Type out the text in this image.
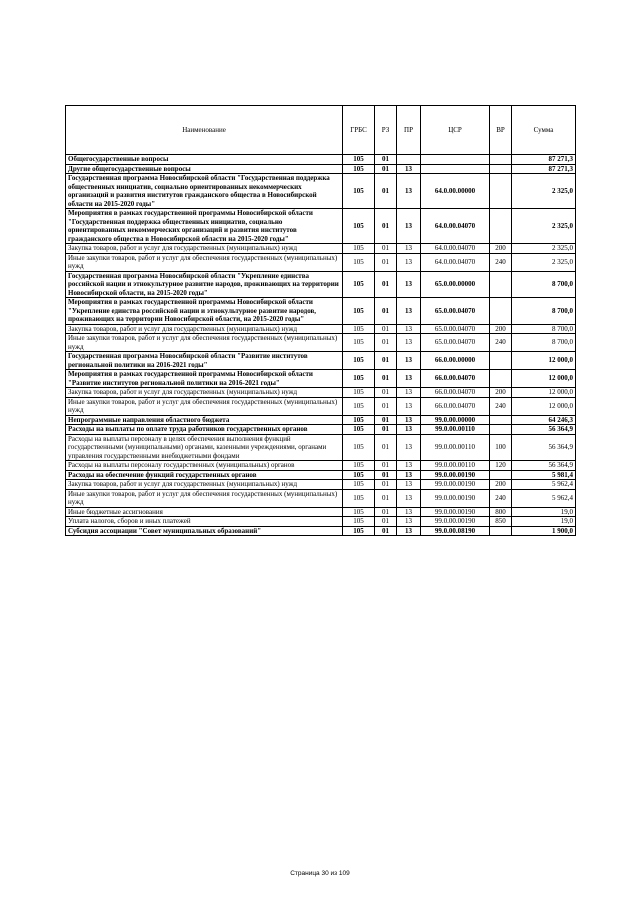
Наименование	ГРБС	РЗ	ПР	ЦСР	ВР	Сумма
Общегосударственные вопросы	105	01				87 271,3
Другие общегосударственные вопросы	105	01	13			87 271,3
Государственная программа Новосибирской области "Государственная поддержка общественных инициатив, социально ориентированных некоммерческих организаций и развития институтов гражданского общества в Новосибирской области на 2015-2020 годы"	105	01	13	64.0.00.00000		2 325,0
Мероприятия в рамках государственной программы Новосибирской области "Государственная поддержка общественных инициатив, социально ориентированных некоммерческих организаций и развития институтов гражданского общества в Новосибирской области на 2015-2020 годы"	105	01	13	64.0.00.04070		2 325,0
Закупка товаров, работ и услуг для государственных (муниципальных) нужд	105	01	13	64.0.00.04070	200	2 325,0
Иные закупки товаров, работ и услуг для обеспечения государственных (муниципальных) нужд	105	01	13	64.0.00.04070	240	2 325,0
Государственная программа Новосибирской области "Укрепление единства российской нации и этнокультурное развитие народов, проживающих на территории Новосибирской области, на 2015-2020 годы"	105	01	13	65.0.00.00000		8 700,0
Мероприятия в рамках государственной программы Новосибирской области "Укрепление единства российской нации и этнокультурное развитие народов, проживающих на территории Новосибирской области, на 2015-2020 годы"	105	01	13	65.0.00.04070		8 700,0
Закупка товаров, работ и услуг для государственных (муниципальных) нужд	105	01	13	65.0.00.04070	200	8 700,0
Иные закупки товаров, работ и услуг для обеспечения государственных (муниципальных) нужд	105	01	13	65.0.00.04070	240	8 700,0
Государственная программа Новосибирской области "Развитие институтов региональной политики на 2016-2021 годы"	105	01	13	66.0.00.00000		12 000,0
Мероприятия в рамках государственной программы Новосибирской области "Развитие институтов региональной политики на 2016-2021 годы"	105	01	13	66.0.00.04070		12 000,0
Закупка товаров, работ и услуг для государственных (муниципальных) нужд	105	01	13	66.0.00.04070	200	12 000,0
Иные закупки товаров, работ и услуг для обеспечения государственных (муниципальных) нужд	105	01	13	66.0.00.04070	240	12 000,0
Непрограммные направления областного бюджета	105	01	13	99.0.00.00000		64 246,3
Расходы на выплаты по оплате труда работников государственных органов	105	01	13	99.0.00.00110		56 364,9
Расходы на выплаты персоналу в целях обеспечения выполнения функций государственными (муниципальными) органами, казенными учреждениями, органами управления государственными внебюджетными фондами	105	01	13	99.0.00.00110	100	56 364,9
Расходы на выплаты персоналу государственных (муниципальных) органов	105	01	13	99.0.00.00110	120	56 364,9
Расходы на обеспечение функций государственных органов	105	01	13	99.0.00.00190		5 981,4
Закупка товаров, работ и услуг для государственных (муниципальных) нужд	105	01	13	99.0.00.00190	200	5 962,4
Иные закупки товаров, работ и услуг для обеспечения государственных (муниципальных) нужд	105	01	13	99.0.00.00190	240	5 962,4
Иные бюджетные ассигнования	105	01	13	99.0.00.00190	800	19,0
Уплата налогов, сборов и иных платежей	105	01	13	99.0.00.00190	850	19,0
Субсидия ассоциации "Совет муниципальных образований"	105	01	13	99.0.00.08190		1 900,0
Страница 30 из 109
